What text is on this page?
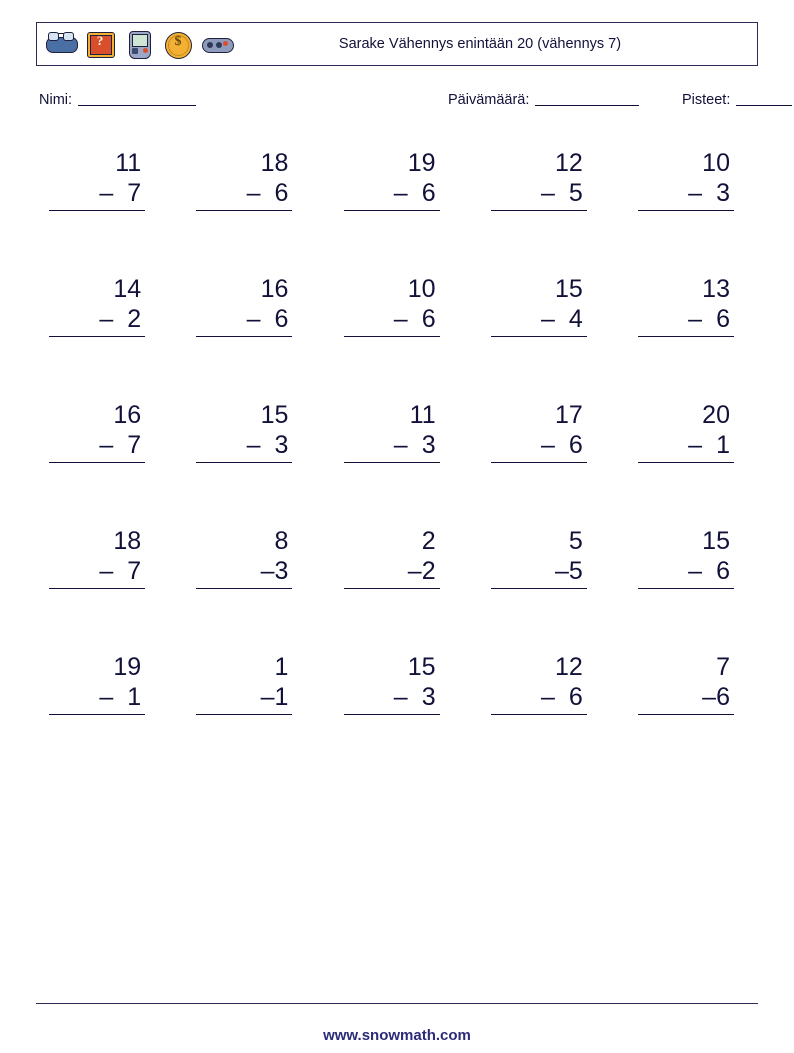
?	$	Sarake Vähennys enintään 20 (vähennys 7)
Nimi:	Päivämäärä:	Pisteet:
11
– 7
18
– 6
19
– 6
12
– 5
10
– 3
14
– 2
16
– 6
10
– 6
15
– 4
13
– 6
16
– 7
15
– 3
11
– 3
17
– 6
20
– 1
18
– 7
8
– 3
2
– 2
5
– 5
15
– 6
19
– 1
1
– 1
15
– 3
12
– 6
7
– 6
www.snowmath.com
